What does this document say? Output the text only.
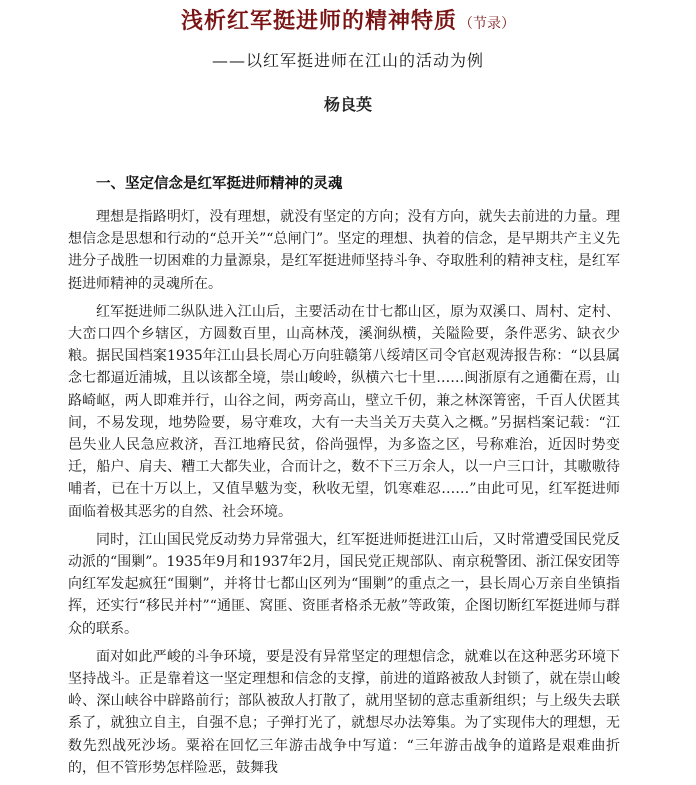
浅析红军挺进师的精神特质 （节录）
——以红军挺进师在江山的活动为例
杨良英
一、坚定信念是红军挺进师精神的灵魂

理想是指路明灯，没有理想，就没有坚定的方向；没有方向，就失去前进的力量。理想信念是思想和行动的“总开关”“总闸门”。坚定的理想、执着的信念，是早期共产主义先进分子战胜一切困难的力量源泉，是红军挺进师坚持斗争、夺取胜利的精神支柱，是红军挺进师精神的灵魂所在。

红军挺进师二纵队进入江山后，主要活动在廿七都山区，原为双溪口、周村、定村、大峦口四个乡辖区，方圆数百里，山高林茂，溪涧纵横，关隘险要，条件恶劣、缺衣少粮。据民国档案1935年江山县长周心万向驻赣第八绥靖区司令官赵观涛报告称：“以县属念七都逼近浦城，且以该都全境，崇山峻岭，纵横六七十里……闽浙原有之通衢在焉，山路崎岖，两人即难并行，山谷之间，两旁高山，壁立千仞，兼之林深箐密，千百人伏匿其间，不易发现，地势险要，易守难攻，大有一夫当关万夫莫入之概。”另据档案记载：“江邑失业人民急应救济，吾江地瘠民贫，俗尚强悍，为多盗之区，号称难治，近因时势变迁，船户、肩夫、糟工大都失业，合而计之，数不下三万余人，以一户三口计，其嗷嗷待哺者，已在十万以上，又值旱魃为变，秋收无望，饥寒难忍……”由此可见，红军挺进师面临着极其恶劣的自然、社会环境。

同时，江山国民党反动势力异常强大，红军挺进师挺进江山后，又时常遭受国民党反动派的“围剿”。1935年9月和1937年2月，国民党正规部队、南京税警团、浙江保安团等向红军发起疯狂“围剿”，并将廿七都山区列为“围剿”的重点之一，县长周心万亲自坐镇指挥，还实行“移民并村”“通匪、窝匪、资匪者格杀无赦”等政策，企图切断红军挺进师与群众的联系。

面对如此严峻的斗争环境，要是没有异常坚定的理想信念，就难以在这种恶劣环境下坚持战斗。正是靠着这一坚定理想和信念的支撑，前进的道路被敌人封锁了，就在崇山峻岭、深山峡谷中辟路前行；部队被敌人打散了，就用坚韧的意志重新组织；与上级失去联系了，就独立自主，自强不息；子弹打光了，就想尽办法筹集。为了实现伟大的理想，无数先烈战死沙场。粟裕在回忆三年游击战争中写道：“三年游击战争的道路是艰难曲折的，但不管形势怎样险恶，鼓舞我
